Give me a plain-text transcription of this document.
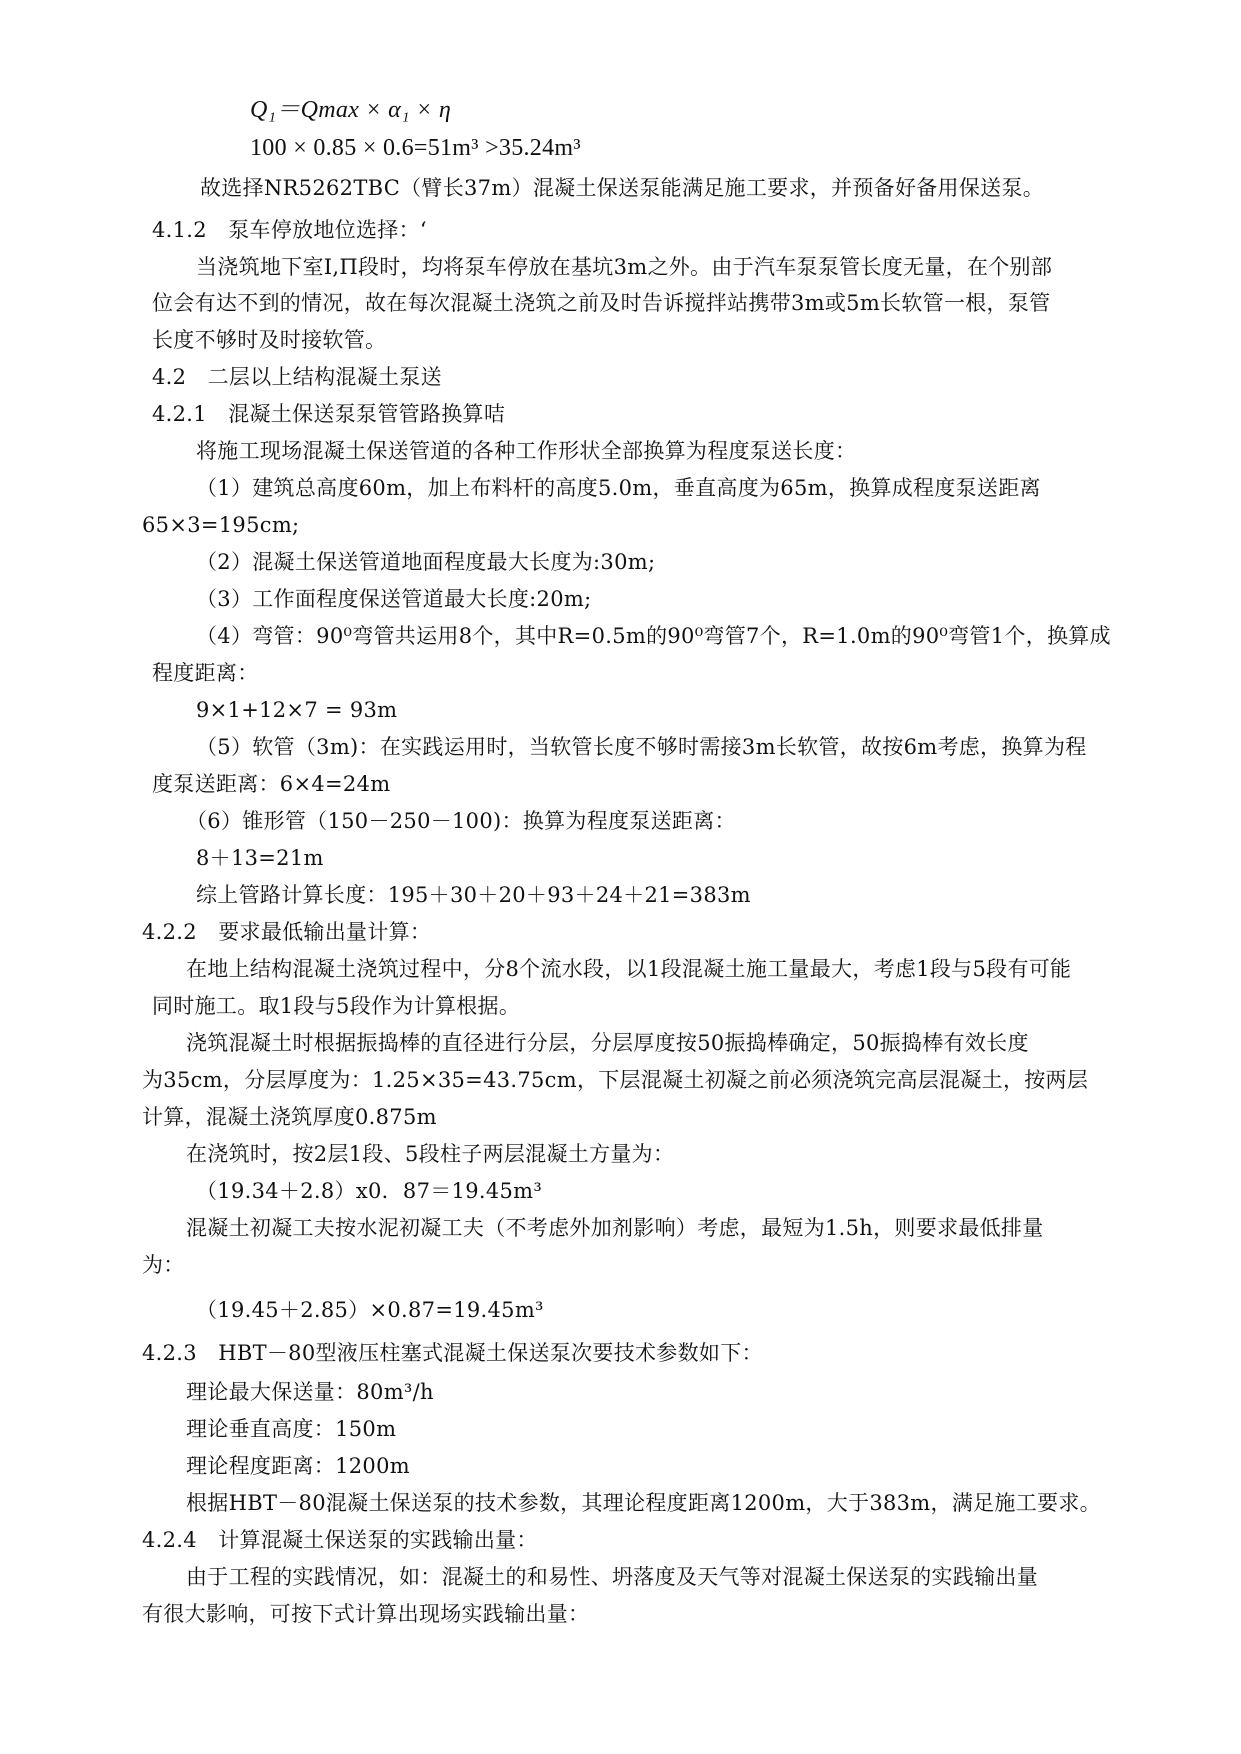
Q₁＝Qmax × α₁ × η
100 × 0.85 × 0.6=51m³ >35.24m³
故选择NR5262TBC（臂长37m）混凝土保送泵能满足施工要求，并预备好备用保送泵。
4.1.2　泵车停放地位选择：‘
当浇筑地下室Ⅰ,Π段时，均将泵车停放在基坑3m之外。由于汽车泵泵管长度无量，在个别部
位会有达不到的情况，故在每次混凝土浇筑之前及时告诉搅拌站携带3m或5m长软管一根，泵管
长度不够时及时接软管。
4.2　二层以上结构混凝土泵送
4.2.1　混凝土保送泵泵管管路换算咭
将施工现场混凝土保送管道的各种工作形状全部换算为程度泵送长度：
（1）建筑总高度60m，加上布料杆的高度5.0m，垂直高度为65m，换算成程度泵送距离
65×3=195cm;
（2）混凝土保送管道地面程度最大长度为:30m;
（3）工作面程度保送管道最大长度:20m;
（4）弯管：90⁰弯管共运用8个，其中R=0.5m的90⁰弯管7个，R=1.0m的90⁰弯管1个，换算成
程度距离：
9×1+12×7 = 93m
（5）软管（3m)：在实践运用时，当软管长度不够时需接3m长软管，故按6m考虑，换算为程
度泵送距离：6×4=24m
（6）锥形管（150－250－100)：换算为程度泵送距离：
8＋13=21m
综上管路计算长度：195＋30＋20＋93＋24＋21=383m
4.2.2　要求最低输出量计算：
在地上结构混凝土浇筑过程中，分8个流水段，以1段混凝土施工量最大，考虑1段与5段有可能
同时施工。取1段与5段作为计算根据。
浇筑混凝土时根据振捣棒的直径进行分层，分层厚度按50振捣棒确定，50振捣棒有效长度
为35cm，分层厚度为：1.25×35=43.75cm，下层混凝土初凝之前必须浇筑完高层混凝土，按两层
计算，混凝土浇筑厚度0.875m
在浇筑时，按2层1段、5段柱子两层混凝土方量为：
（19.34＋2.8）x0．87＝19.45m³
混凝土初凝工夫按水泥初凝工夫（不考虑外加剂影响）考虑，最短为1.5h，则要求最低排量
为：
（19.45＋2.85）×0.87=19.45m³
4.2.3　HBT－80型液压柱塞式混凝土保送泵次要技术参数如下：
理论最大保送量：80m³/h
理论垂直高度：150m
理论程度距离：1200m
根据HBT－80混凝土保送泵的技术参数，其理论程度距离1200m，大于383m，满足施工要求。
4.2.4　计算混凝土保送泵的实践输出量：
由于工程的实践情况，如：混凝土的和易性、坍落度及天气等对混凝土保送泵的实践输出量
有很大影响，可按下式计算出现场实践输出量：
